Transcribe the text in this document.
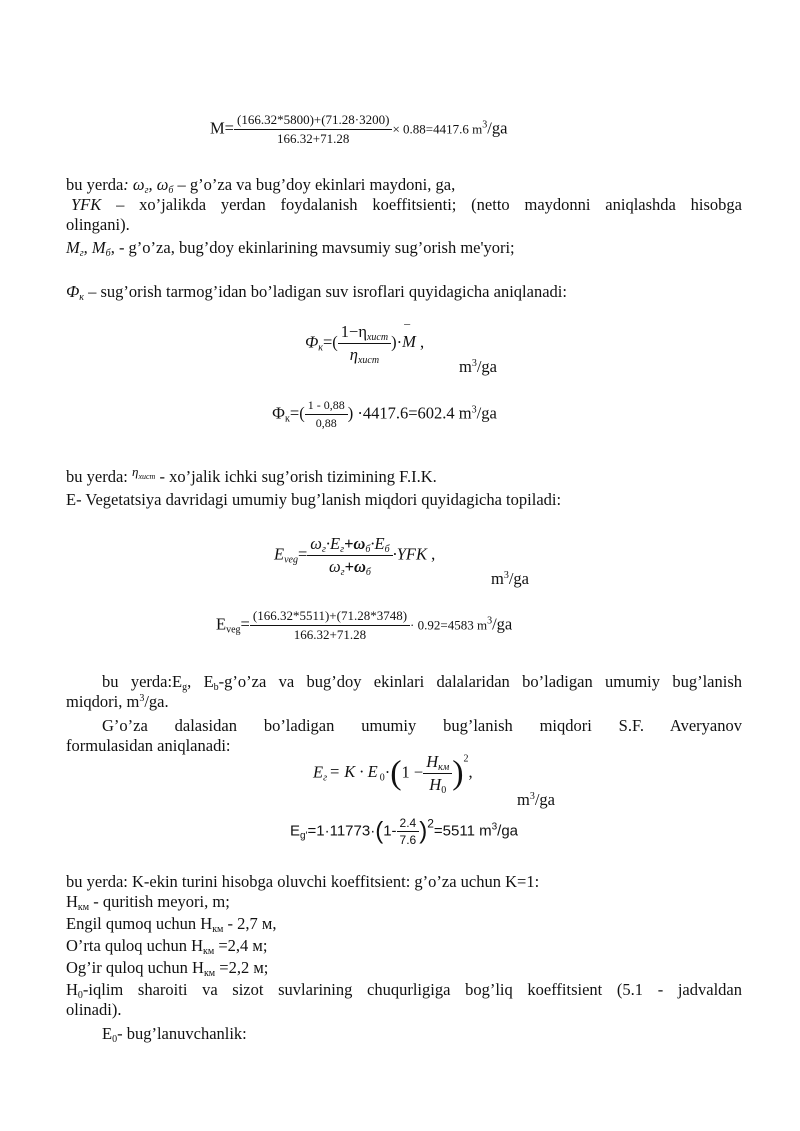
$M= \frac{(166.32*5800)+(71.28\cdot 3200)}{166.32+71.28} \times 0.88=4417.6$ $m^3/ga$
bu yerda: $\omega_г$, $\omega_б$ – g’o’za va bug’doy ekinlari maydoni, ga,
YFK – xo’jalikda yerdan foydalanish koeffitsienti; (netto maydonni aniqlashda hisobga
olingani).
$M_г$, $M_б$, - g’o’za, bug’doy ekinlarining mavsumiy sug’orish me'yori;
$Ф_к$ – sug’orish tarmog’idan bo’ladigan suv isroflari quyidagicha aniqlanadi:
$Ф_к=( \frac{1-\eta_{хист}}{\eta_{хист}}$ )·
–
M ,
$m^3/ga$
$Ф_к=( \frac{1 - 0,88}{0,88}$ ) ·4417.6=602.4 $m^3/ga$
bu yerda: $^{\eta_{хист}}$ - xo’jalik ichki sug’orish tizimining F.I.K.
E- Vegetatsiya davridagi umumiy bug’lanish miqdori quyidagicha topiladi:
$E_{veg}= \frac{\omega_г\cdot E_г+\omega_б\cdot E_б}{\omega_г+\omega_б} \cdot YFK$ ,
$m^3/ga$
$E_{veg}= \frac{(166.32*5511)+(71.28*3748)}{166.32+71.28} \cdot 0.92=4583$ $m^3/ga$
bu $yerda:E_g$, $E_b-g’o’za$ va bug’doy ekinlari dalalaridan bo’ladigan umumiy bug’lanish
miqdori, $m^3/ga$.
G’o’za dalasidan bo’ladigan umumiy bug’lanish miqdori S.F. Averyanov
formulasidan aniqlanadi:
$E_г = K \cdot E$ $_0\cdot(1 - \frac{H_{км}}{H_0} )^2$,
$m^3/ga$
$E_{g'}=1\cdot 11773\cdot(1- \frac{2.4}{7.6} )^2=5511$ $m^3/ga$
bu yerda: K-ekin turini hisobga oluvchi koeffitsient: g’o’za uchun K=1:
$H_{км}$ - quritish meyori, m;
Engil qumoq uchun $H_{км} - 2,7$ м,
O’rta quloq uchun $H_{км} =2,4$ м;
Og’ir quloq uchun $H_{км} =2,2$ м;
$H_0$-iqlim sharoiti va sizot suvlarining chuqurligiga bog’liq koeffitsient (5.1 - jadvaldan
olinadi).
$E_0-$ bug’lanuvchanlik:
